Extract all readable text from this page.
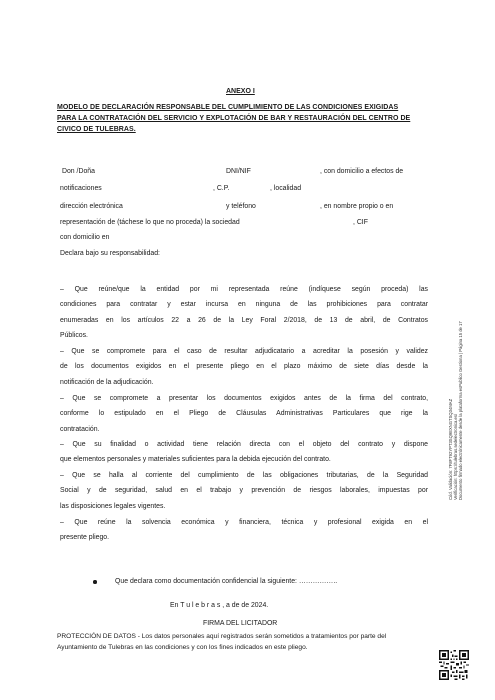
ANEXO I
MODELO DE DECLARACIÓN RESPONSABLE DEL CUMPLIMIENTO DE LAS CONDICIONES EXIGIDAS
PARA LA CONTRATACIÓN DEL SERVICIO Y EXPLOTACIÓN DE BAR Y RESTAURACIÓN DEL CENTRO DE
CIVICO DE TULEBRAS.
Don /Doña	DNI/NIF	, con domicilio a efectos de
notificaciones	, C.P.	, localidad
dirección electrónica	y teléfono	, en nombre propio o en
representación de (táchese lo que no proceda) la sociedad	, CIF
con domicilio en
Declara bajo su responsabilidad:
– Que reúne/que la entidad por mi representada reúne (indíquese según proceda) las
condiciones para contratar y estar incursa en ninguna de las prohibiciones para contratar
enumeradas en los artículos 22 a 26 de la Ley Foral 2/2018, de 13 de abril, de Contratos
Públicos.
– Que se compromete para el caso de resultar adjudicatario a acreditar la posesión y validez
de los documentos exigidos en el presente pliego en el plazo máximo de siete días desde la
notificación de la adjudicación.
– Que se compromete a presentar los documentos exigidos antes de la firma del contrato,
conforme lo estipulado en el Pliego de Cláusulas Administrativas Particulares que rige la
contratación.
– Que su finalidad o actividad tiene relación directa con el objeto del contrato y dispone
que elementos personales y materiales suficientes para la debida ejecución del contrato.
– Que se halla al corriente del cumplimiento de las obligaciones tributarias, de la Seguridad
Social y de seguridad, salud en el trabajo y prevención de riesgos laborales, impuestas por
las disposiciones legales vigentes.
– Que reúne la solvencia económica y financiera, técnica y profesional exigida en el
presente pliego.
Que declara como documentación confidencial la siguiente: ……………..
En T u l e b r a s , a de de 2024.
FIRMA DEL LICITADOR
PROTECCIÓN DE DATOS - Los datos personales aquí registrados serán sometidos a tratamientos por parte del
Ayuntamiento de Tulebras en las condiciones y con los fines indicados en este pliego.
Cód. Validación: 7F8FT92YPT3SQ9EXNGTSQ34MAZ Verificación: https://tulebras.sedelectronica.es/ Documento firmado electrónicamente desde la plataforma esPublico Gestiona | Página 15 de 17
